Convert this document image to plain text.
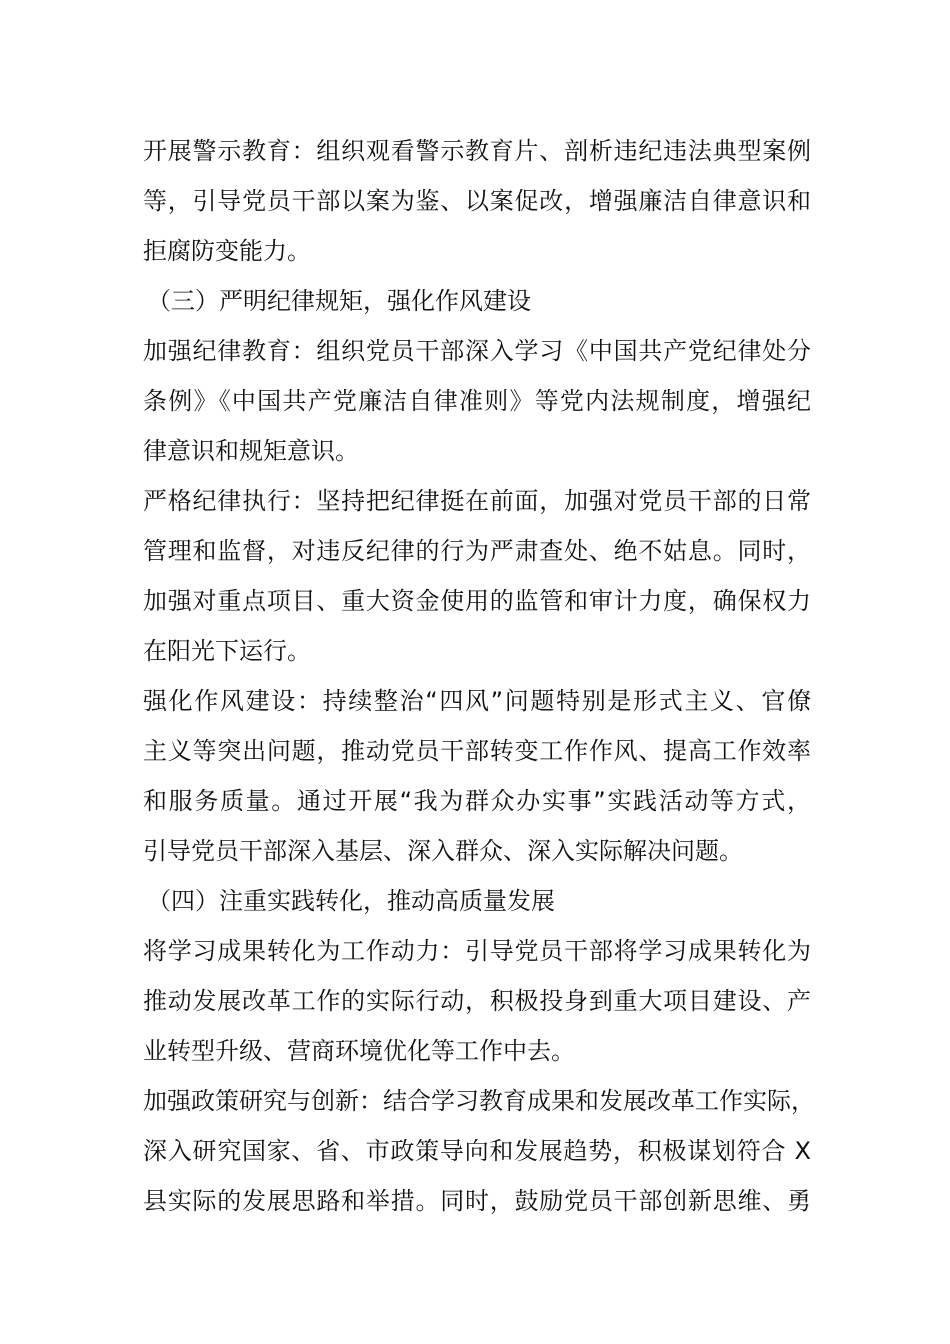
开展警示教育：组织观看警示教育片、剖析违纪违法典型案例
等，引导党员干部以案为鉴、以案促改，增强廉洁自律意识和
拒腐防变能力。
（三）严明纪律规矩，强化作风建设
加强纪律教育：组织党员干部深入学习《中国共产党纪律处分
条例》《中国共产党廉洁自律准则》等党内法规制度，增强纪
律意识和规矩意识。
严格纪律执行：坚持把纪律挺在前面，加强对党员干部的日常
管理和监督，对违反纪律的行为严肃查处、绝不姑息。同时，
加强对重点项目、重大资金使用的监管和审计力度，确保权力
在阳光下运行。
强化作风建设：持续整治“四风”问题特别是形式主义、官僚
主义等突出问题，推动党员干部转变工作作风、提高工作效率
和服务质量。通过开展“我为群众办实事”实践活动等方式，
引导党员干部深入基层、深入群众、深入实际解决问题。
（四）注重实践转化，推动高质量发展
将学习成果转化为工作动力：引导党员干部将学习成果转化为
推动发展改革工作的实际行动，积极投身到重大项目建设、产
业转型升级、营商环境优化等工作中去。
加强政策研究与创新：结合学习教育成果和发展改革工作实际，
深入研究国家、省、市政策导向和发展趋势，积极谋划符合 X
县实际的发展思路和举措。同时，鼓励党员干部创新思维、勇
